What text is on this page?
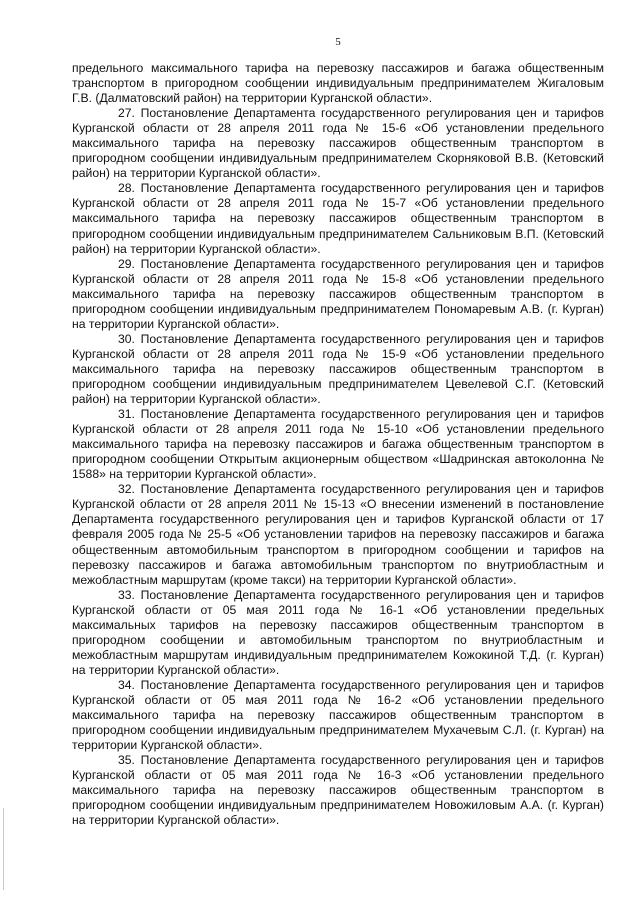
5

предельного максимального тарифа на перевозку пассажиров и багажа общественным транспортом в пригородном сообщении индивидуальным предпринимателем Жигаловым Г.В. (Далматовский район) на территории Курганской области».

27. Постановление Департамента государственного регулирования цен и тарифов Курганской области от 28 апреля 2011 года № 15-6 «Об установлении предельного максимального тарифа на перевозку пассажиров общественным транспортом в пригородном сообщении индивидуальным предпринимателем Скорняковой В.В. (Кетовский район) на территории Курганской области».

28. Постановление Департамента государственного регулирования цен и тарифов Курганской области от 28 апреля 2011 года № 15-7 «Об установлении предельного максимального тарифа на перевозку пассажиров общественным транспортом в пригородном сообщении индивидуальным предпринимателем Сальниковым В.П. (Кетовский район) на территории Курганской области».

29. Постановление Департамента государственного регулирования цен и тарифов Курганской области от 28 апреля 2011 года № 15-8 «Об установлении предельного максимального тарифа на перевозку пассажиров общественным транспортом в пригородном сообщении индивидуальным предпринимателем Пономаревым А.В. (г. Курган) на территории Курганской области».

30. Постановление Департамента государственного регулирования цен и тарифов Курганской области от 28 апреля 2011 года № 15-9 «Об установлении предельного максимального тарифа на перевозку пассажиров общественным транспортом в пригородном сообщении индивидуальным предпринимателем Цевелевой С.Г. (Кетовский район) на территории Курганской области».

31. Постановление Департамента государственного регулирования цен и тарифов Курганской области от 28 апреля 2011 года № 15-10 «Об установлении предельного максимального тарифа на перевозку пассажиров и багажа общественным транспортом в пригородном сообщении Открытым акционерным обществом «Шадринская автоколонна № 1588» на территории Курганской области».

32. Постановление Департамента государственного регулирования цен и тарифов Курганской области от 28 апреля 2011 № 15-13 «О внесении изменений в постановление Департамента государственного регулирования цен и тарифов Курганской области от 17 февраля 2005 года № 25-5 «Об установлении тарифов на перевозку пассажиров и багажа общественным автомобильным транспортом в пригородном сообщении и тарифов на перевозку пассажиров и багажа автомобильным транспортом по внутриобластным и межобластным маршрутам (кроме такси) на территории Курганской области».

33. Постановление Департамента государственного регулирования цен и тарифов Курганской области от 05 мая 2011 года № 16-1 «Об установлении предельных максимальных тарифов на перевозку пассажиров общественным транспортом в пригородном сообщении и автомобильным транспортом по внутриобластным и межобластным маршрутам индивидуальным предпринимателем Кожокиной Т.Д. (г. Курган) на территории Курганской области».

34. Постановление Департамента государственного регулирования цен и тарифов Курганской области от 05 мая 2011 года № 16-2 «Об установлении предельного максимального тарифа на перевозку пассажиров общественным транспортом в пригородном сообщении индивидуальным предпринимателем Мухачевым С.Л. (г. Курган) на территории Курганской области».

35. Постановление Департамента государственного регулирования цен и тарифов Курганской области от 05 мая 2011 года № 16-3 «Об установлении предельного максимального тарифа на перевозку пассажиров общественным транспортом в пригородном сообщении индивидуальным предпринимателем Новожиловым А.А. (г. Курган) на территории Курганской области».
